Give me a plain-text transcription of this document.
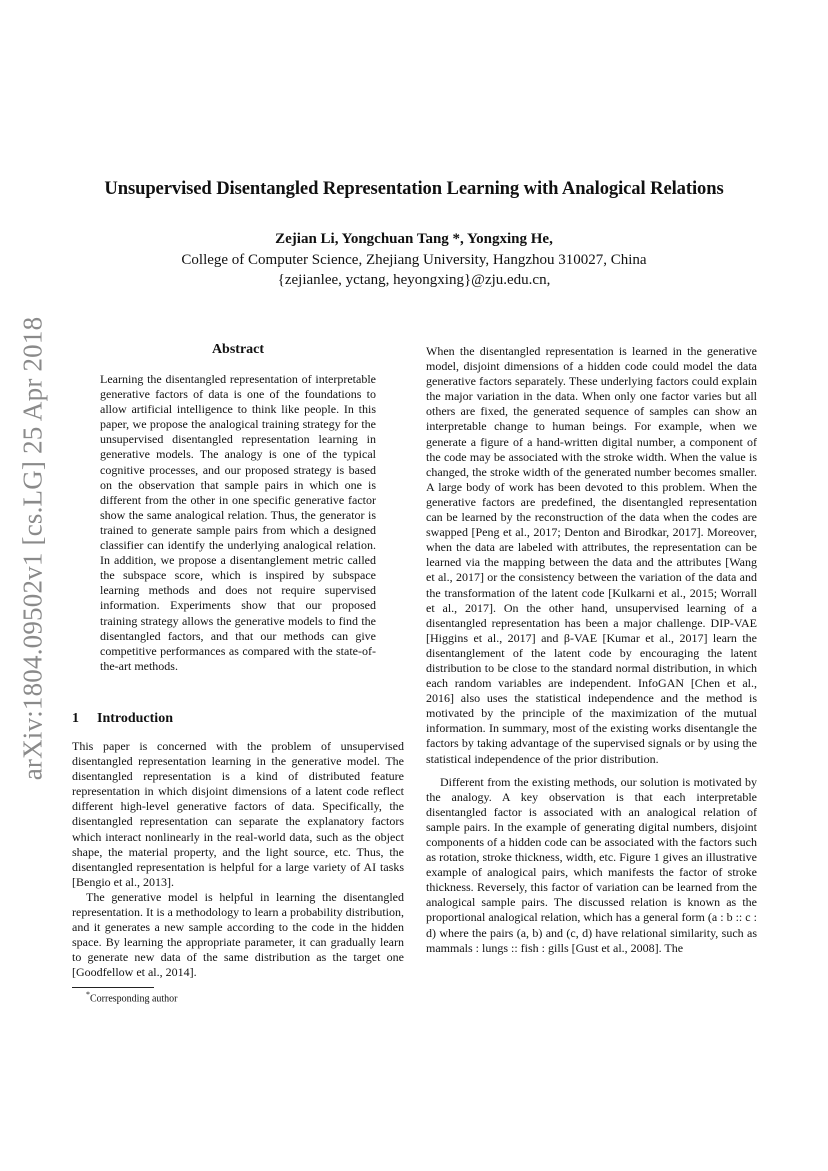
arXiv:1804.09502v1 [cs.LG] 25 Apr 2018
Unsupervised Disentangled Representation Learning with Analogical Relations
Zejian Li, Yongchuan Tang *, Yongxing He,
College of Computer Science, Zhejiang University, Hangzhou 310027, China
{zejianlee, yctang, heyongxing}@zju.edu.cn,
Abstract
Learning the disentangled representation of interpretable generative factors of data is one of the foundations to allow artificial intelligence to think like people. In this paper, we propose the analogical training strategy for the unsupervised disentangled representation learning in generative models. The analogy is one of the typical cognitive processes, and our proposed strategy is based on the observation that sample pairs in which one is different from the other in one specific generative factor show the same analogical relation. Thus, the generator is trained to generate sample pairs from which a designed classifier can identify the underlying analogical relation. In addition, we propose a disentanglement metric called the subspace score, which is inspired by subspace learning methods and does not require supervised information. Experiments show that our proposed training strategy allows the generative models to find the disentangled factors, and that our methods can give competitive performances as compared with the state-of-the-art methods.
1 Introduction

This paper is concerned with the problem of unsupervised disentangled representation learning in the generative model. The disentangled representation is a kind of distributed feature representation in which disjoint dimensions of a latent code reflect different high-level generative factors of data. Specifically, the disentangled representation can separate the explanatory factors which interact nonlinearly in the real-world data, such as the object shape, the material property, and the light source, etc. Thus, the disentangled representation is helpful for a large variety of AI tasks [Bengio et al., 2013].

The generative model is helpful in learning the disentangled representation. It is a methodology to learn a probability distribution, and it generates a new sample according to the code in the hidden space. By learning the appropriate parameter, it can gradually learn to generate new data of the same distribution as the target one [Goodfellow et al., 2014].

*Corresponding author

When the disentangled representation is learned in the generative model, disjoint dimensions of a hidden code could model the data generative factors separately. These underlying factors could explain the major variation in the data. When only one factor varies but all others are fixed, the generated sequence of samples can show an interpretable change to human beings. For example, when we generate a figure of a hand-written digital number, a component of the code may be associated with the stroke width. When the value is changed, the stroke width of the generated number becomes smaller. A large body of work has been devoted to this problem. When the generative factors are predefined, the disentangled representation can be learned by the reconstruction of the data when the codes are swapped [Peng et al., 2017; Denton and Birodkar, 2017]. Moreover, when the data are labeled with attributes, the representation can be learned via the mapping between the data and the attributes [Wang et al., 2017] or the consistency between the variation of the data and the transformation of the latent code [Kulkarni et al., 2015; Worrall et al., 2017]. On the other hand, unsupervised learning of a disentangled representation has been a major challenge. DIP-VAE [Higgins et al., 2017] and β-VAE [Kumar et al., 2017] learn the disentanglement of the latent code by encouraging the latent distribution to be close to the standard normal distribution, in which each random variables are independent. InfoGAN [Chen et al., 2016] also uses the statistical independence and the method is motivated by the principle of the maximization of the mutual information. In summary, most of the existing works disentangle the factors by taking advantage of the supervised signals or by using the statistical independence of the prior distribution.

Different from the existing methods, our solution is motivated by the analogy. A key observation is that each interpretable disentangled factor is associated with an analogical relation of sample pairs. In the example of generating digital numbers, disjoint components of a hidden code can be associated with the factors such as rotation, stroke thickness, width, etc. Figure 1 gives an illustrative example of analogical pairs, which manifests the factor of stroke thickness. Reversely, this factor of variation can be learned from the analogical sample pairs. The discussed relation is known as the proportional analogical relation, which has a general form (a : b :: c : d) where the pairs (a, b) and (c, d) have relational similarity, such as mammals : lungs :: fish : gills [Gust et al., 2008]. The
